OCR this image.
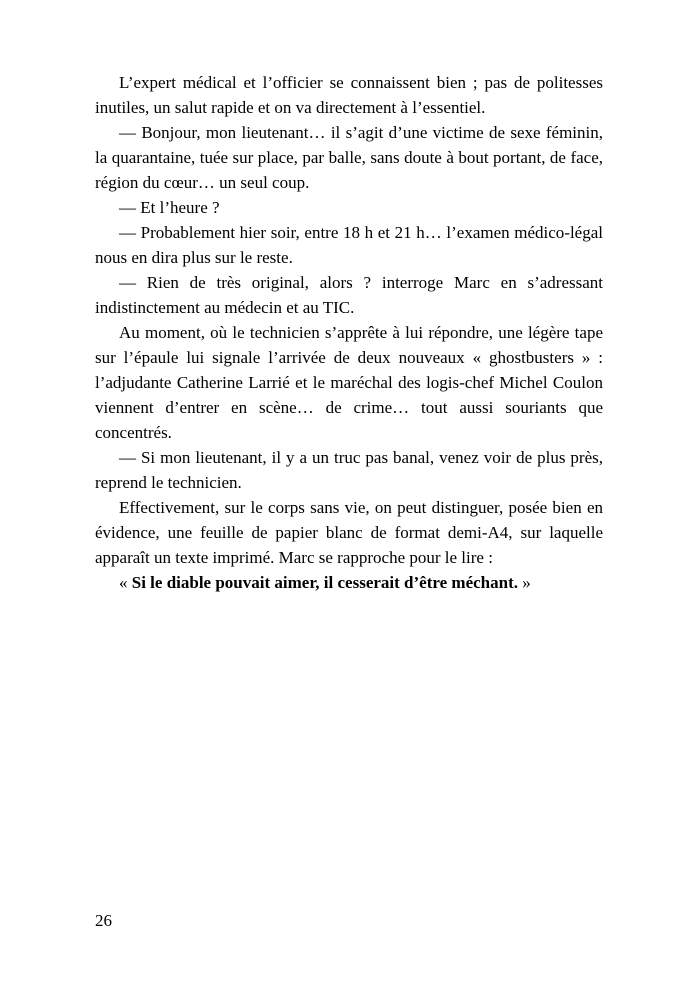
L’expert médical et l’officier se connaissent bien ; pas de politesses inutiles, un salut rapide et on va directement à l’essentiel.

— Bonjour, mon lieutenant… il s’agit d’une victime de sexe féminin, la quarantaine, tuée sur place, par balle, sans doute à bout portant, de face, région du cœur… un seul coup.

— Et l’heure ?

— Probablement hier soir, entre 18 h et 21 h… l’examen médico-légal nous en dira plus sur le reste.

— Rien de très original, alors ? interroge Marc en s’adressant indistinctement au médecin et au TIC.

Au moment, où le technicien s’apprête à lui répondre, une légère tape sur l’épaule lui signale l’arrivée de deux nouveaux « ghostbusters » : l’adjudante Catherine Larrié et le maréchal des logis-chef Michel Coulon viennent d’entrer en scène… de crime… tout aussi souriants que concentrés.

— Si mon lieutenant, il y a un truc pas banal, venez voir de plus près, reprend le technicien.

Effectivement, sur le corps sans vie, on peut distinguer, posée bien en évidence, une feuille de papier blanc de format demi-A4, sur laquelle apparaît un texte imprimé. Marc se rapproche pour le lire :

« Si le diable pouvait aimer, il cesserait d’être méchant. »

26
